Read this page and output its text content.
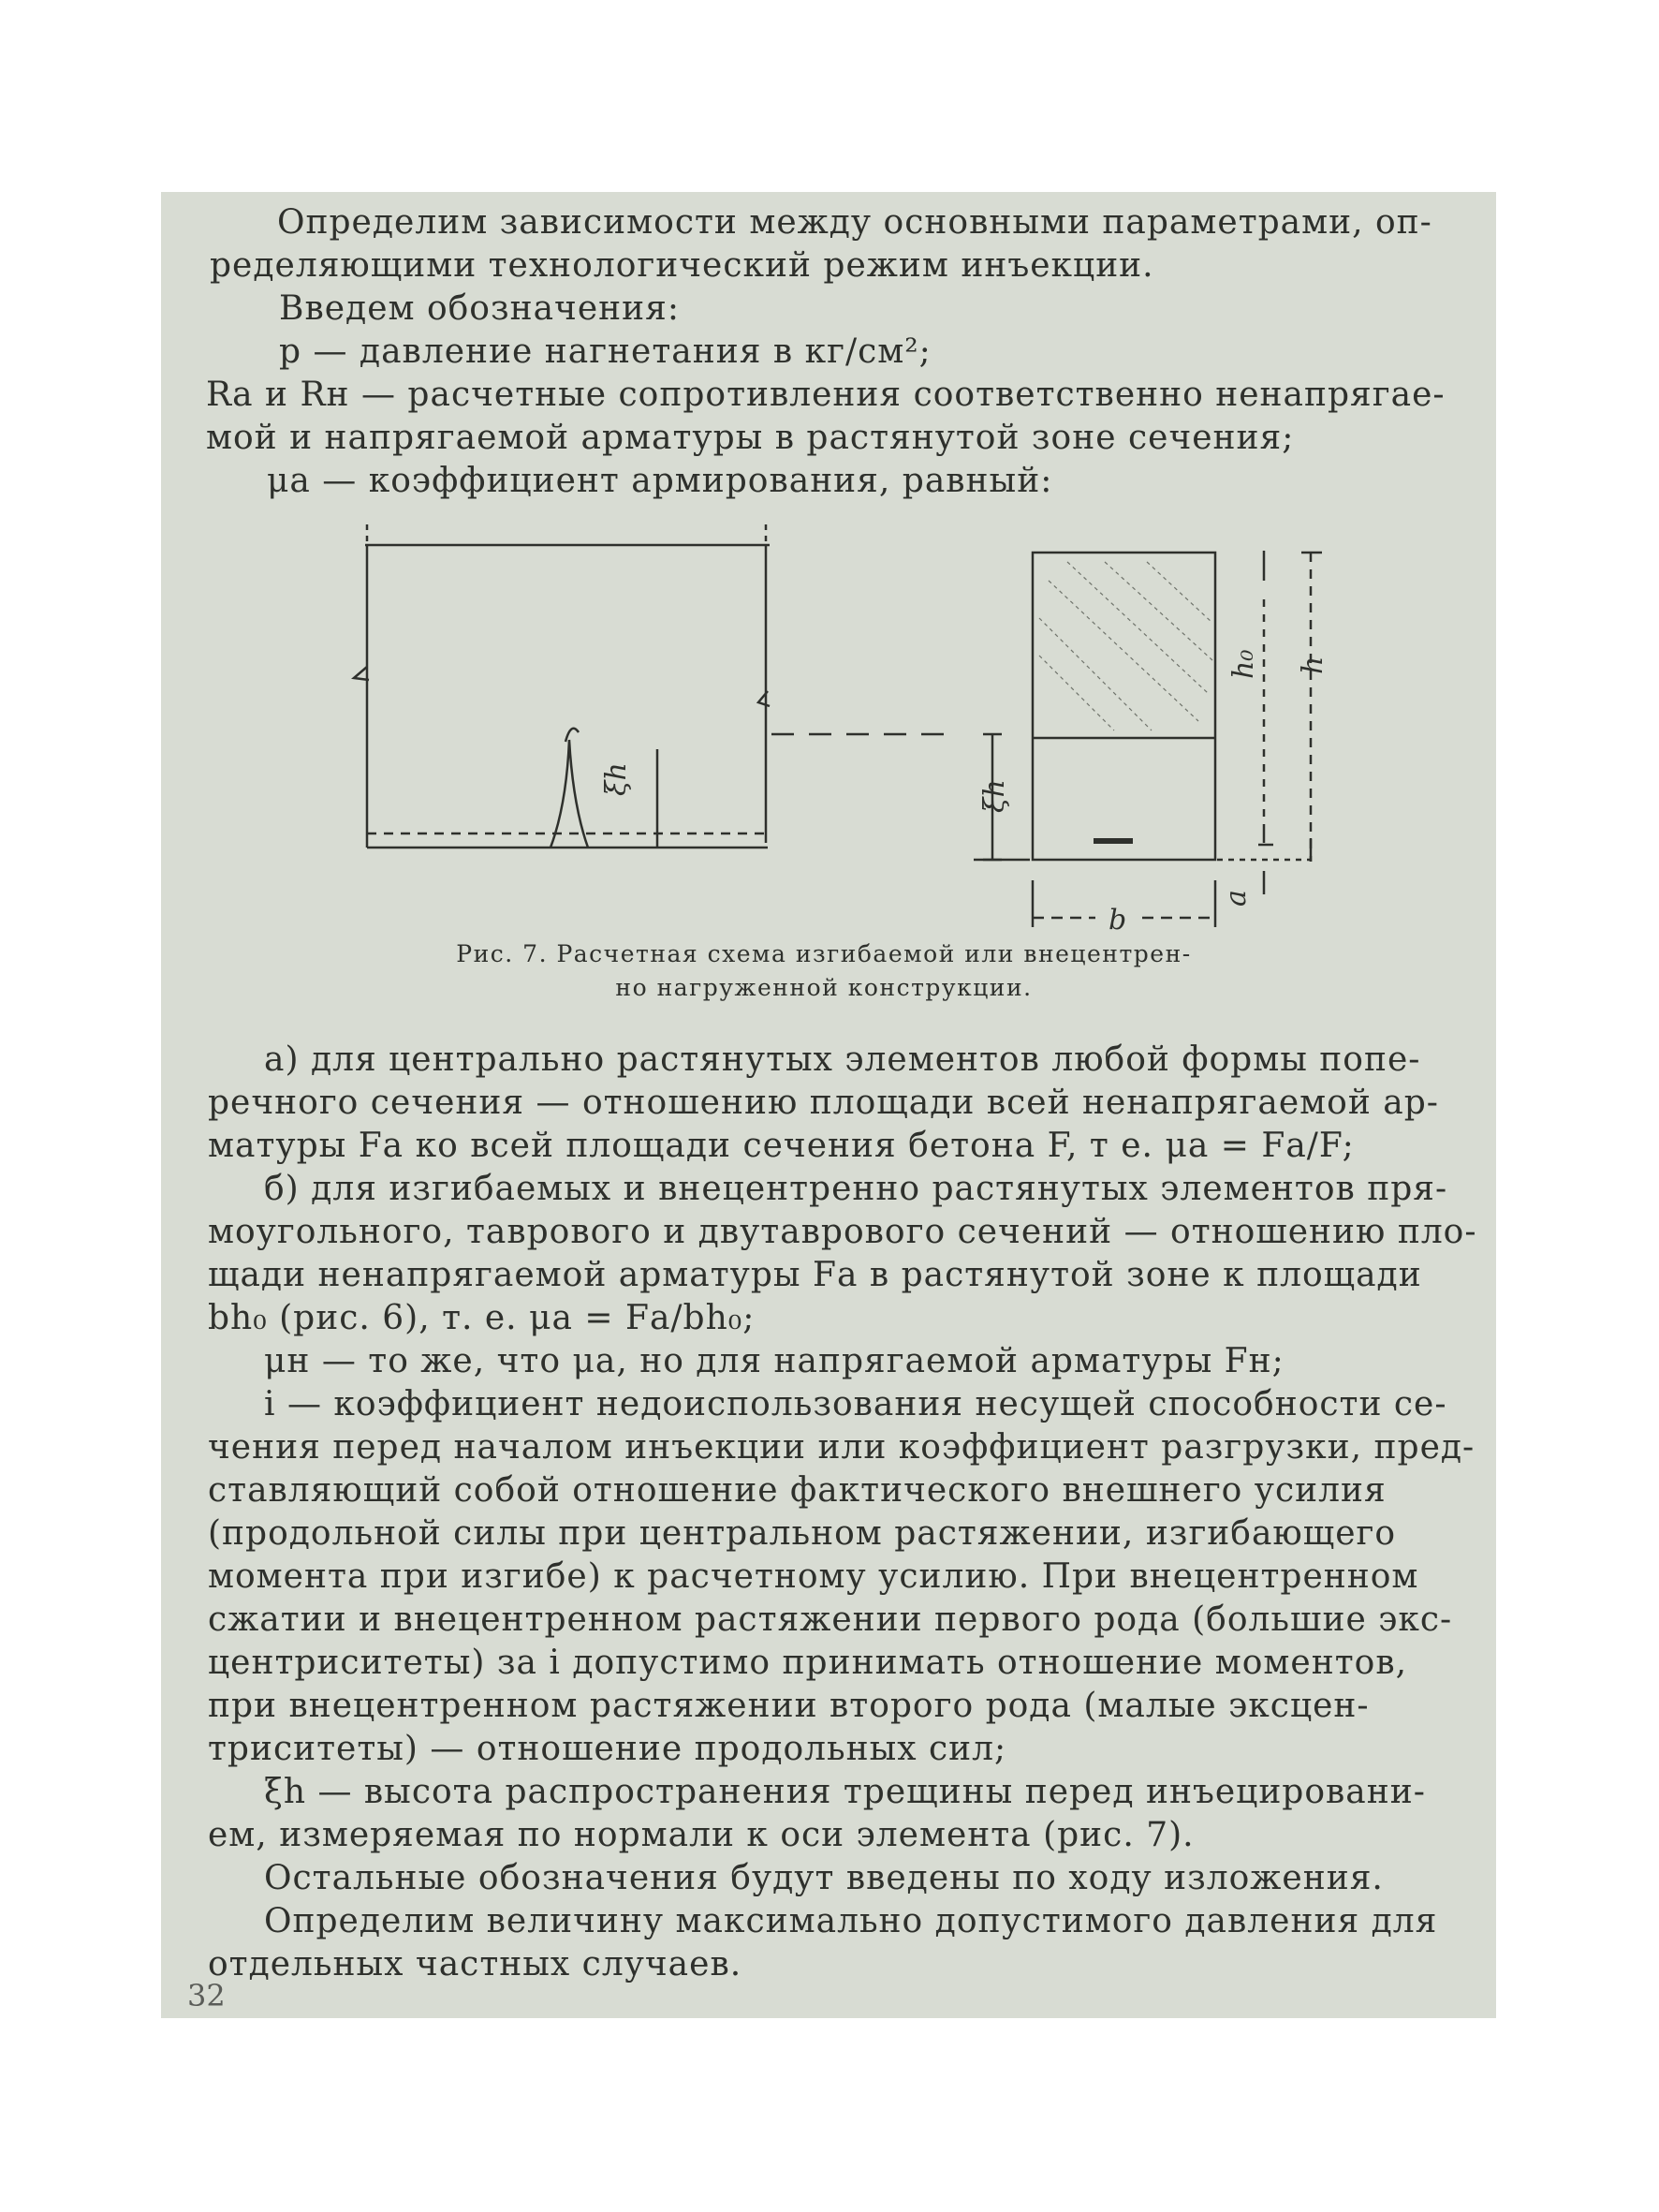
Определим зависимости между основными параметрами, оп-
ределяющими технологический режим инъекции.
Введем обозначения:
p — давление нагнетания в кг/см²;
Rа и Rн — расчетные сопротивления соответственно ненапрягае-
мой и напрягаемой арматуры в растянутой зоне сечения;
μа — коэффициент армирования, равный:
ξh
ξh
h₀ h
a
b
Рис. 7. Расчетная схема изгибаемой или внецентрен-
но нагруженной конструкции.
а) для центрально растянутых элементов любой формы попе-
речного сечения — отношению площади всей ненапрягаемой ар-
матуры Fа ко всей площади сечения бетона F, т е. μа = Fа/F;
б) для изгибаемых и внецентренно растянутых элементов пря-
моугольного, таврового и двутаврового сечений — отношению пло-
щади ненапрягаемой арматуры Fа в растянутой зоне к площади
bh₀ (рис. 6), т. е. μа = Fа/bh₀;
μн — то же, что μа, но для напрягаемой арматуры Fн;
i — коэффициент недоиспользования несущей способности се-
чения перед началом инъекции или коэффициент разгрузки, пред-
ставляющий собой отношение фактического внешнего усилия
(продольной силы при центральном растяжении, изгибающего
момента при изгибе) к расчетному усилию. При внецентренном
сжатии и внецентренном растяжении первого рода (большие экс-
центриситеты) за i допустимо принимать отношение моментов,
при внецентренном растяжении второго рода (малые эксцен-
триситеты) — отношение продольных сил;
ξh — высота распространения трещины перед инъецировани-
ем, измеряемая по нормали к оси элемента (рис. 7).
Остальные обозначения будут введены по ходу изложения.
Определим величину максимально допустимого давления для
отдельных частных случаев.
32
